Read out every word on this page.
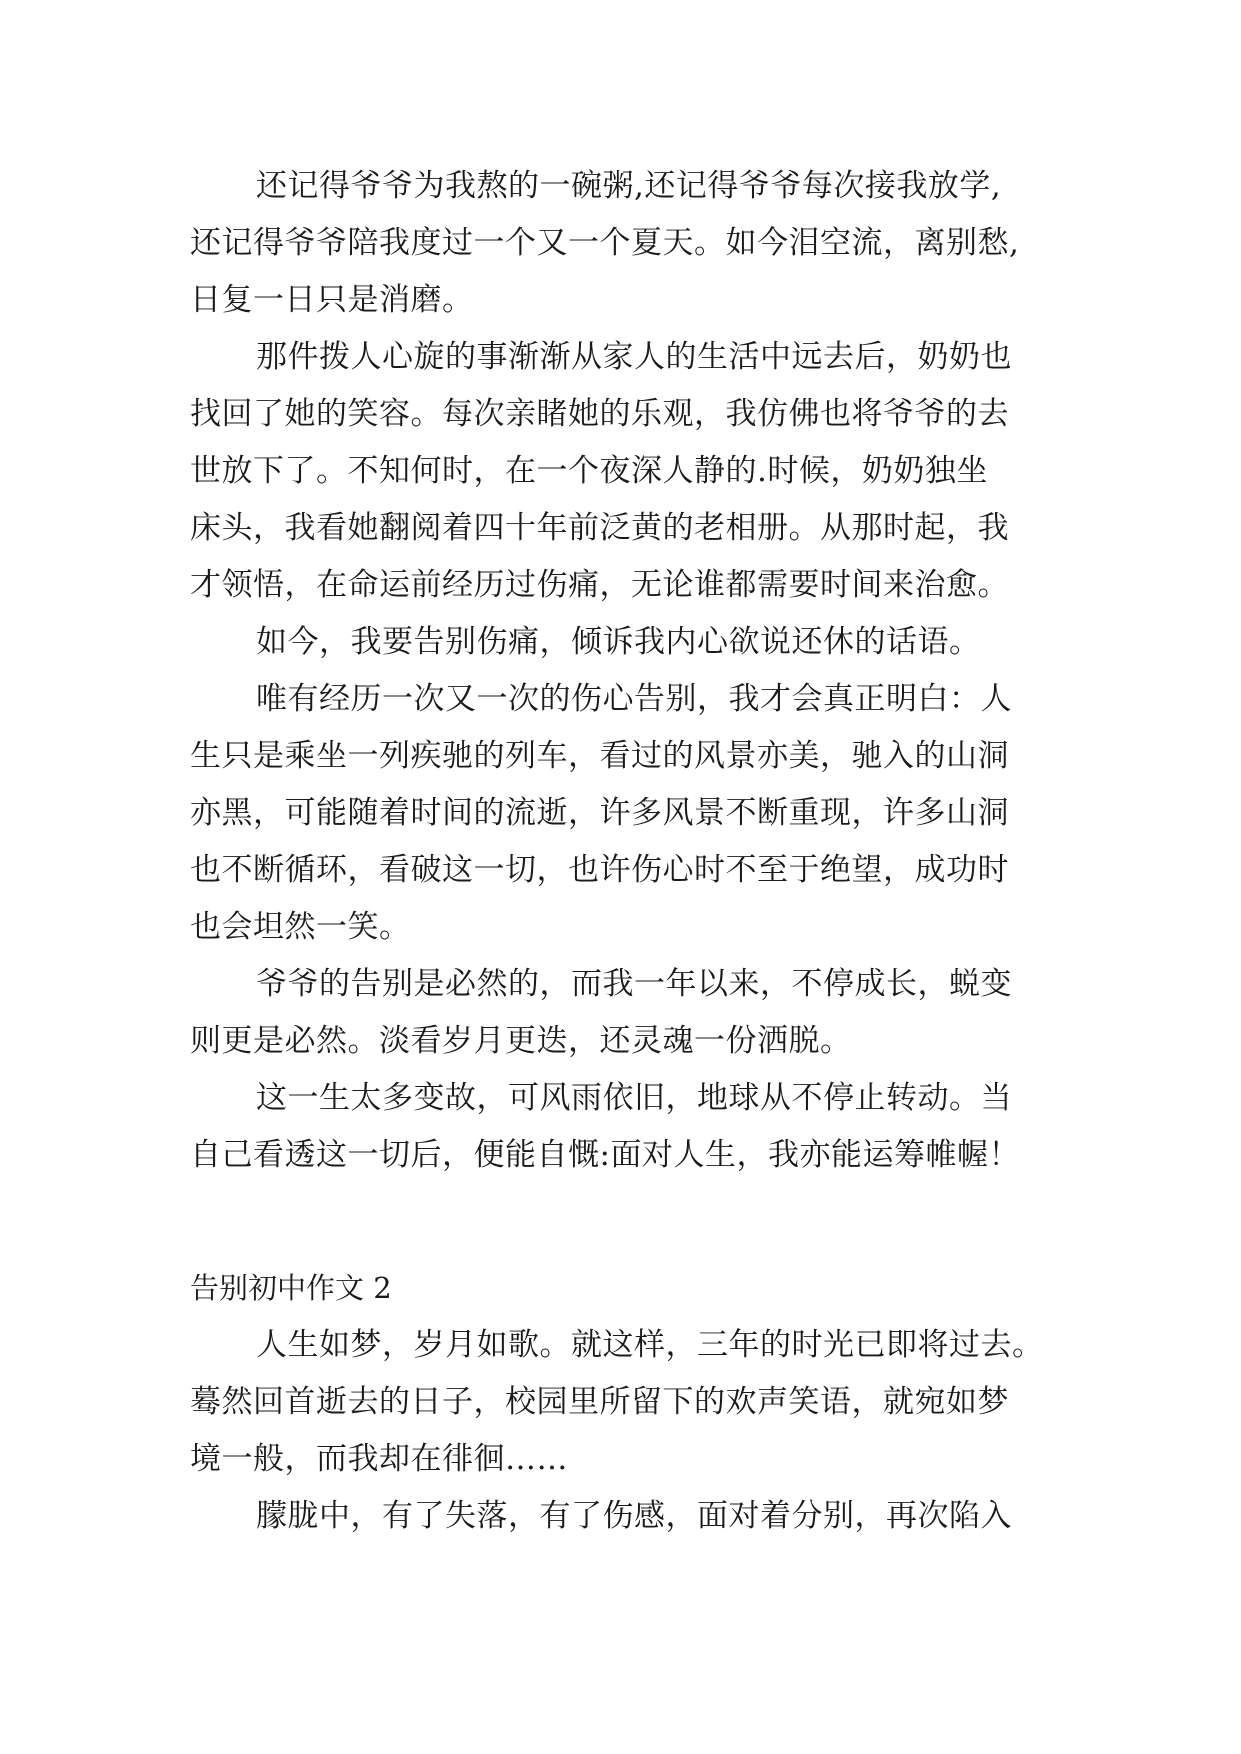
还记得爷爷为我熬的一碗粥,还记得爷爷每次接我放学,
还记得爷爷陪我度过一个又一个夏天。如今泪空流，离别愁,
日复一日只是消磨。
那件拨人心旋的事渐渐从家人的生活中远去后，奶奶也
找回了她的笑容。每次亲睹她的乐观，我仿佛也将爷爷的去
世放下了。不知何时，在一个夜深人静的.时候，奶奶独坐
床头，我看她翻阅着四十年前泛黄的老相册。从那时起，我
才领悟，在命运前经历过伤痛，无论谁都需要时间来治愈。
如今，我要告别伤痛，倾诉我内心欲说还休的话语。
唯有经历一次又一次的伤心告别，我才会真正明白：人
生只是乘坐一列疾驰的列车，看过的风景亦美，驰入的山洞
亦黑，可能随着时间的流逝，许多风景不断重现，许多山洞
也不断循环，看破这一切，也许伤心时不至于绝望，成功时
也会坦然一笑。
爷爷的告别是必然的，而我一年以来，不停成长，蜕变
则更是必然。淡看岁月更迭，还灵魂一份洒脱。
这一生太多变故，可风雨依旧，地球从不停止转动。当
自己看透这一切后，便能自慨:面对人生，我亦能运筹帷幄！
告别初中作文 2
人生如梦，岁月如歌。就这样，三年的时光已即将过去。
蓦然回首逝去的日子，校园里所留下的欢声笑语，就宛如梦
境一般，而我却在徘徊……
朦胧中，有了失落，有了伤感，面对着分别，再次陷入
